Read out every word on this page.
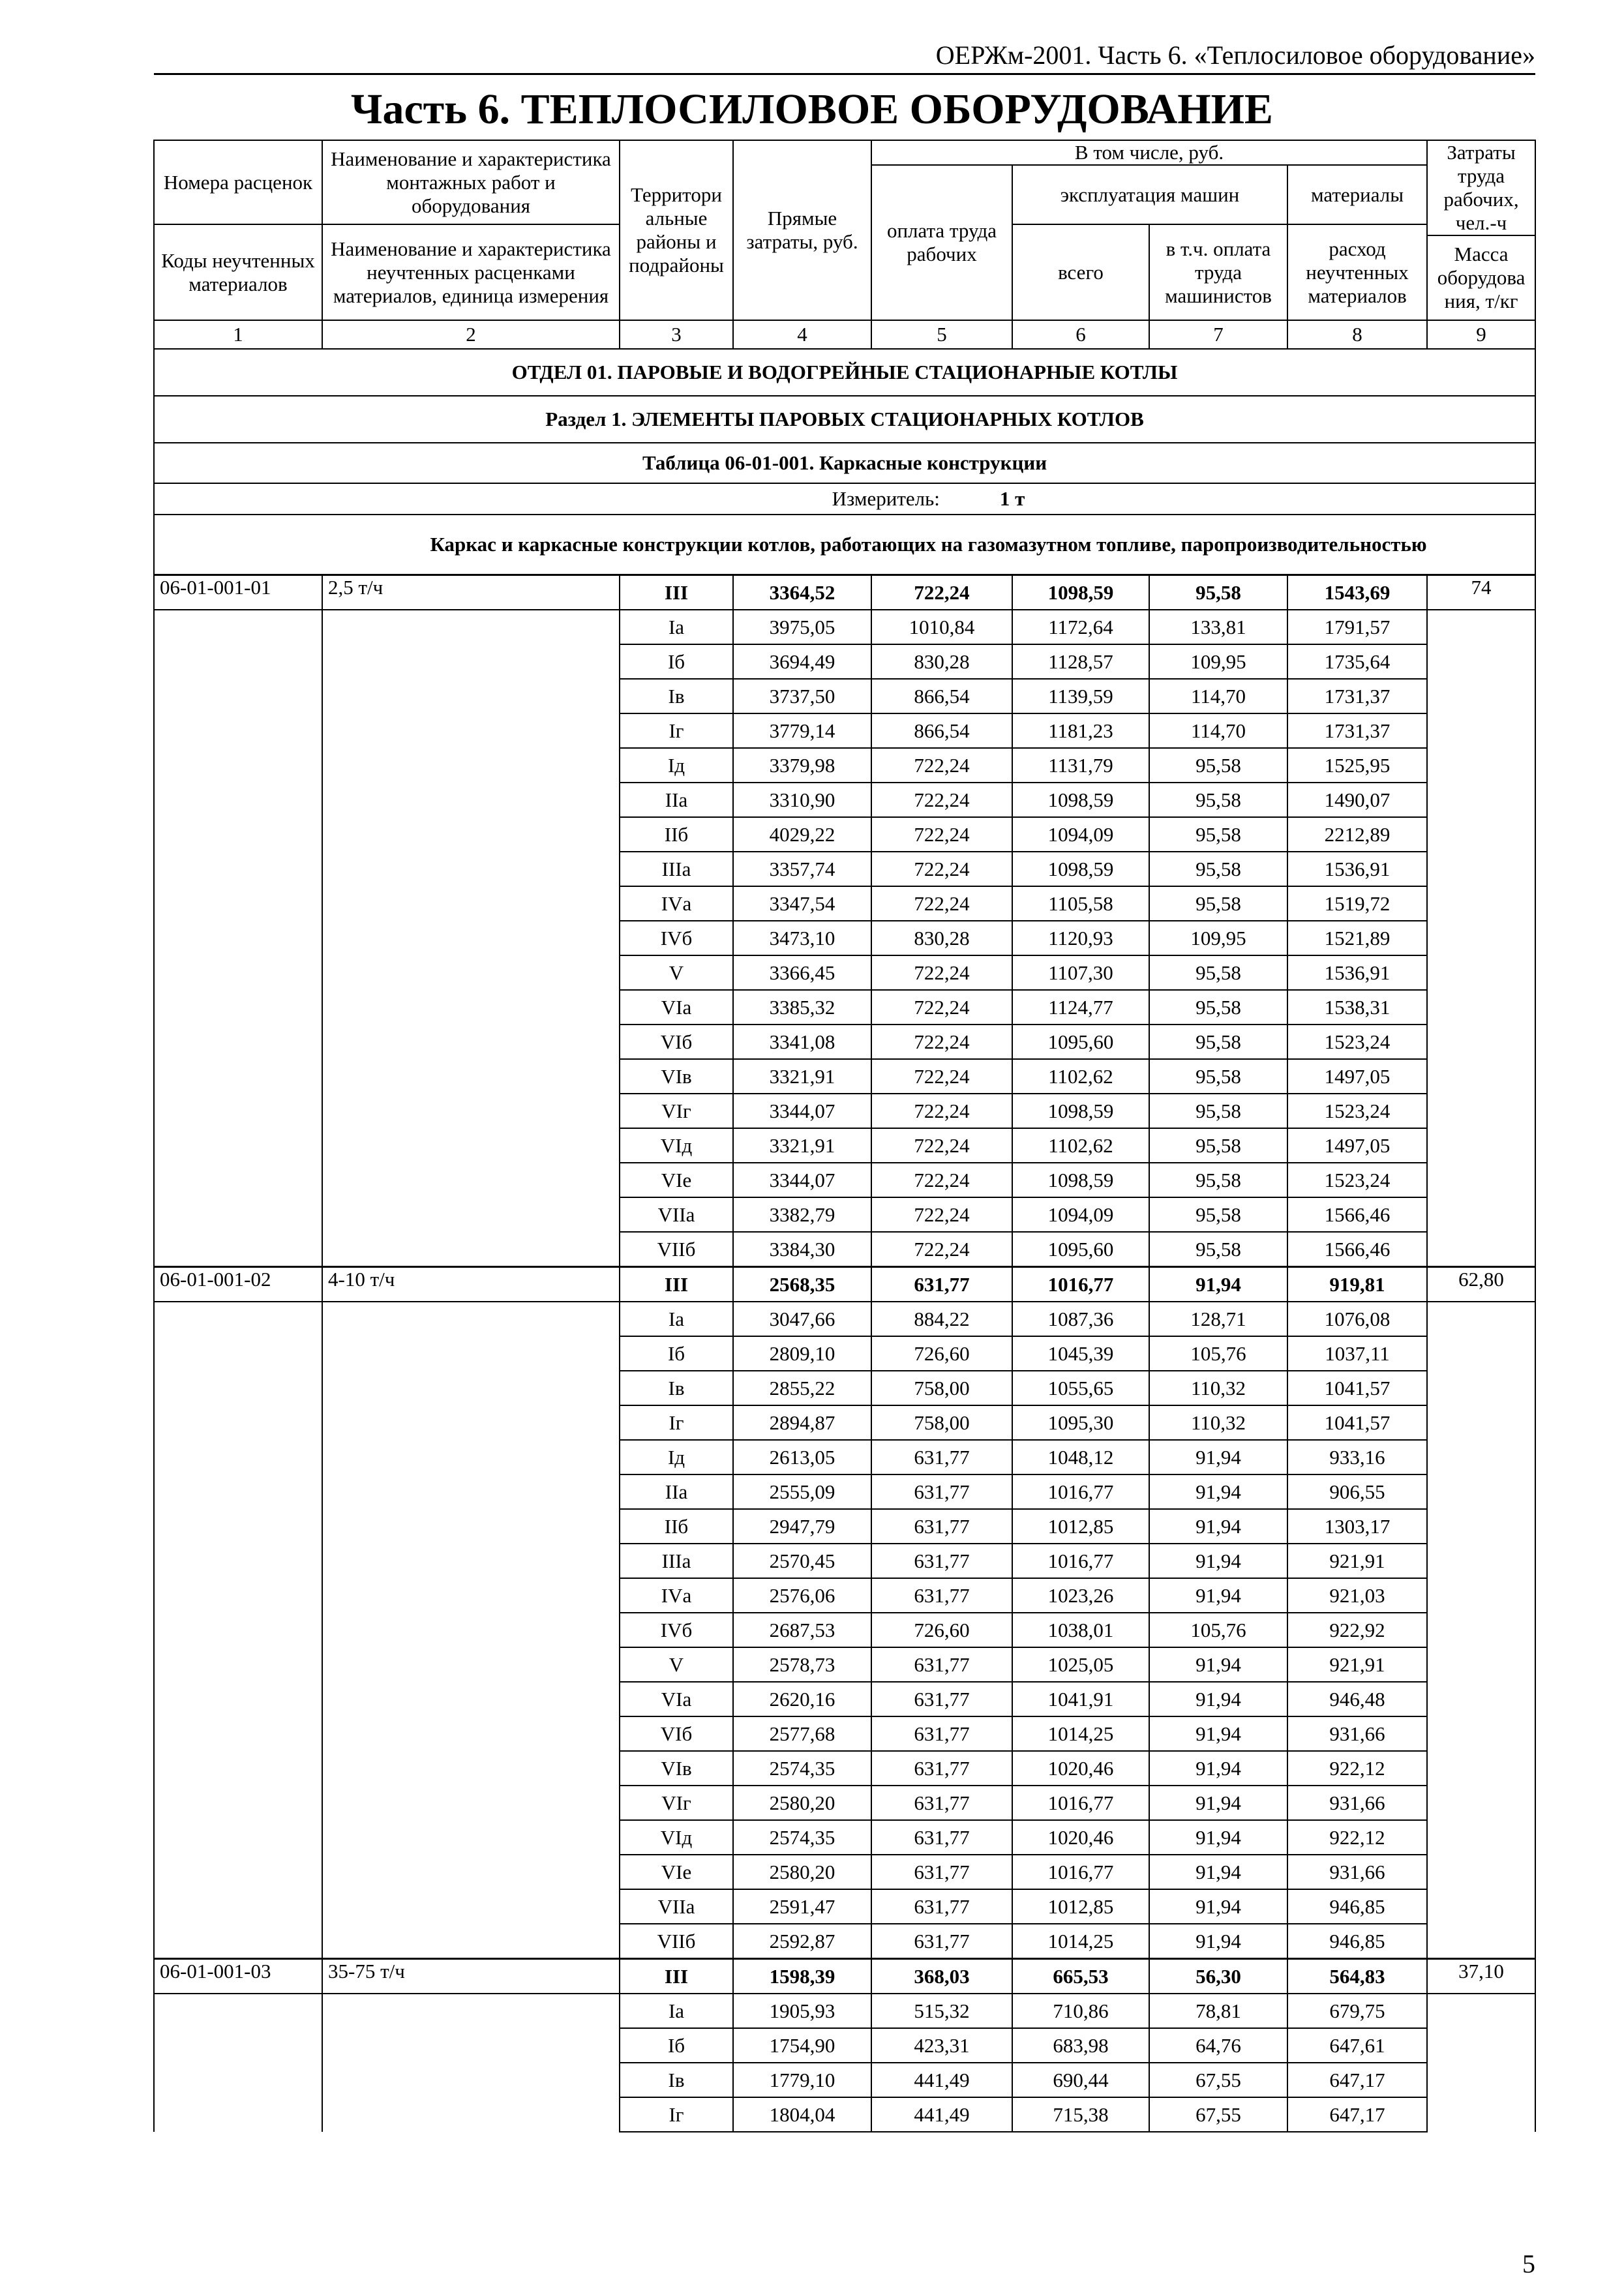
ОЕРЖм-2001. Часть 6. «Теплосиловое оборудование»
Часть 6. ТЕПЛОСИЛОВОЕ ОБОРУДОВАНИЕ
Номера расценок	Наименование и характеристика монтажных работ и оборудования	Территори альные районы и подрайоны	Прямые затраты, руб.	В том числе, руб.				Затраты труда рабочих, чел.-ч
				оплата труда рабочих	эксплуатация машин		материалы	
Коды неучтенных материалов	Наименование и характеристика неучтенных расценками материалов, единица измерения				всего	в т.ч. оплата труда машинистов	расход неучтенных материалов	
								Масса оборудова ния, т/кг
1	2	3	4	5	6	7	8	9
ОТДЕЛ 01. ПАРОВЫЕ И ВОДОГРЕЙНЫЕ СТАЦИОНАРНЫЕ КОТЛЫ								
Раздел 1. ЭЛЕМЕНТЫ ПАРОВЫХ СТАЦИОНАРНЫХ КОТЛОВ								
Таблица 06-01-001. Каркасные конструкции								
	Измеритель: 1 т							
	Каркас и каркасные конструкции котлов, работающих на газомазутном топливе, паропроизводительностью							
06-01-001-01	2,5 т/ч	III	3364,52	722,24	1098,59	95,58	1543,69	74
		Iа	3975,05	1010,84	1172,64	133,81	1791,57	
		Iб	3694,49	830,28	1128,57	109,95	1735,64	
		Iв	3737,50	866,54	1139,59	114,70	1731,37	
		Iг	3779,14	866,54	1181,23	114,70	1731,37	
		Iд	3379,98	722,24	1131,79	95,58	1525,95	
		IIа	3310,90	722,24	1098,59	95,58	1490,07	
		IIб	4029,22	722,24	1094,09	95,58	2212,89	
		IIIа	3357,74	722,24	1098,59	95,58	1536,91	
		IVа	3347,54	722,24	1105,58	95,58	1519,72	
		IVб	3473,10	830,28	1120,93	109,95	1521,89	
		V	3366,45	722,24	1107,30	95,58	1536,91	
		VIа	3385,32	722,24	1124,77	95,58	1538,31	
		VIб	3341,08	722,24	1095,60	95,58	1523,24	
		VIв	3321,91	722,24	1102,62	95,58	1497,05	
		VIг	3344,07	722,24	1098,59	95,58	1523,24	
		VIд	3321,91	722,24	1102,62	95,58	1497,05	
		VIе	3344,07	722,24	1098,59	95,58	1523,24	
		VIIа	3382,79	722,24	1094,09	95,58	1566,46	
		VIIб	3384,30	722,24	1095,60	95,58	1566,46	
06-01-001-02	4-10 т/ч	III	2568,35	631,77	1016,77	91,94	919,81	62,80
		Iа	3047,66	884,22	1087,36	128,71	1076,08	
		Iб	2809,10	726,60	1045,39	105,76	1037,11	
		Iв	2855,22	758,00	1055,65	110,32	1041,57	
		Iг	2894,87	758,00	1095,30	110,32	1041,57	
		Iд	2613,05	631,77	1048,12	91,94	933,16	
		IIа	2555,09	631,77	1016,77	91,94	906,55	
		IIб	2947,79	631,77	1012,85	91,94	1303,17	
		IIIа	2570,45	631,77	1016,77	91,94	921,91	
		IVа	2576,06	631,77	1023,26	91,94	921,03	
		IVб	2687,53	726,60	1038,01	105,76	922,92	
		V	2578,73	631,77	1025,05	91,94	921,91	
		VIа	2620,16	631,77	1041,91	91,94	946,48	
		VIб	2577,68	631,77	1014,25	91,94	931,66	
		VIв	2574,35	631,77	1020,46	91,94	922,12	
		VIг	2580,20	631,77	1016,77	91,94	931,66	
		VIд	2574,35	631,77	1020,46	91,94	922,12	
		VIе	2580,20	631,77	1016,77	91,94	931,66	
		VIIа	2591,47	631,77	1012,85	91,94	946,85	
		VIIб	2592,87	631,77	1014,25	91,94	946,85	
06-01-001-03	35-75 т/ч	III	1598,39	368,03	665,53	56,30	564,83	37,10
		Iа	1905,93	515,32	710,86	78,81	679,75	
		Iб	1754,90	423,31	683,98	64,76	647,61	
		Iв	1779,10	441,49	690,44	67,55	647,17	
		Iг	1804,04	441,49	715,38	67,55	647,17	
5
